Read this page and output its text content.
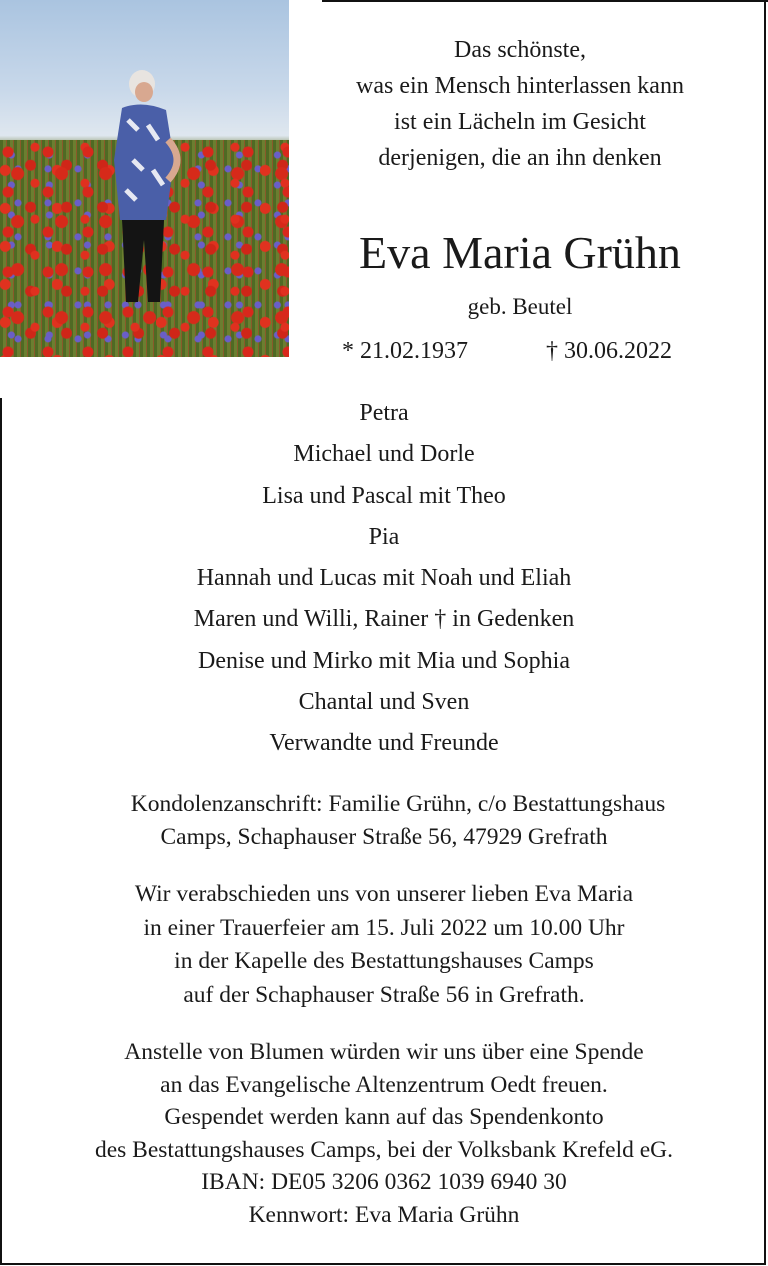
Das schönste,
was ein Mensch hinterlassen kann
ist ein Lächeln im Gesicht
derjenigen, die an ihn denken
Eva Maria Grühn
geb. Beutel
* 21.02.1937	† 30.06.2022
Petra
Michael und Dorle
Lisa und Pascal mit Theo
Pia
Hannah und Lucas mit Noah und Eliah
Maren und Willi, Rainer † in Gedenken
Denise und Mirko mit Mia und Sophia
Chantal und Sven
Verwandte und Freunde
Kondolenzanschrift: Familie Grühn, c/o Bestattungshaus
Camps, Schaphauser Straße 56, 47929 Grefrath
Wir verabschieden uns von unserer lieben Eva Maria
in einer Trauerfeier am 15. Juli 2022 um 10.00 Uhr
in der Kapelle des Bestattungshauses Camps
auf der Schaphauser Straße 56 in Grefrath.
Anstelle von Blumen würden wir uns über eine Spende
an das Evangelische Altenzentrum Oedt freuen.
Gespendet werden kann auf das Spendenkonto
des Bestattungshauses Camps, bei der Volksbank Krefeld eG.
IBAN: DE05 3206 0362 1039 6940 30
Kennwort: Eva Maria Grühn
